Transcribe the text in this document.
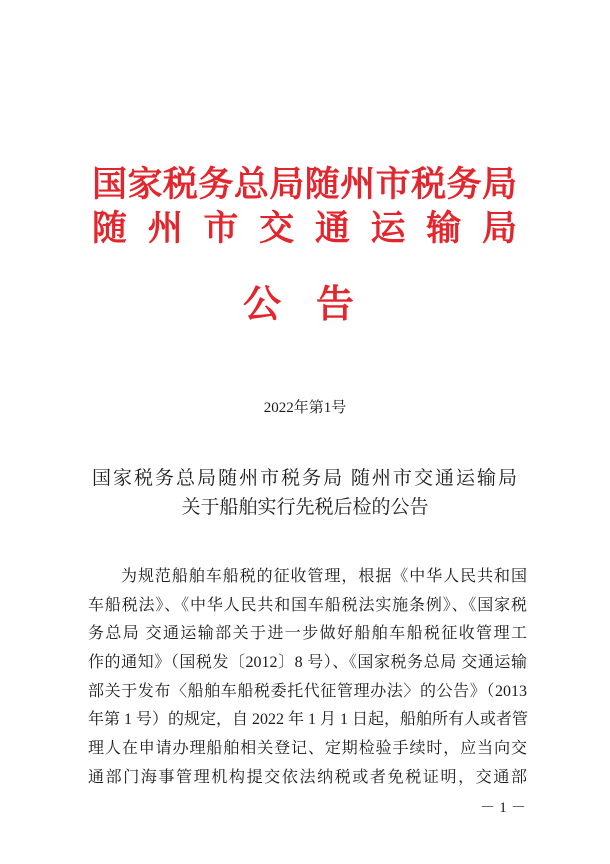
国家税务总局随州市税务局
随州市交通运输局
公告
2022年第1号
国家税务总局随州市税务局 随州市交通运输局
关于船舶实行先税后检的公告
为规范船舶车船税的征收管理，根据《中华人民共和国
车船税法》、《中华人民共和国车船税法实施条例》、《国家税
务总局 交通运输部关于进一步做好船舶车船税征收管理工
作的通知》（国税发〔2012〕8 号）、《国家税务总局 交通运输
部关于发布〈船舶车船税委托代征管理办法〉的公告》（2013
年第 1 号）的规定，自 2022 年 1 月 1 日起，船舶所有人或者管
理人在申请办理船舶相关登记、定期检验手续时，应当向交
通部门海事管理机构提交依法纳税或者免税证明，交通部
－ 1 －
